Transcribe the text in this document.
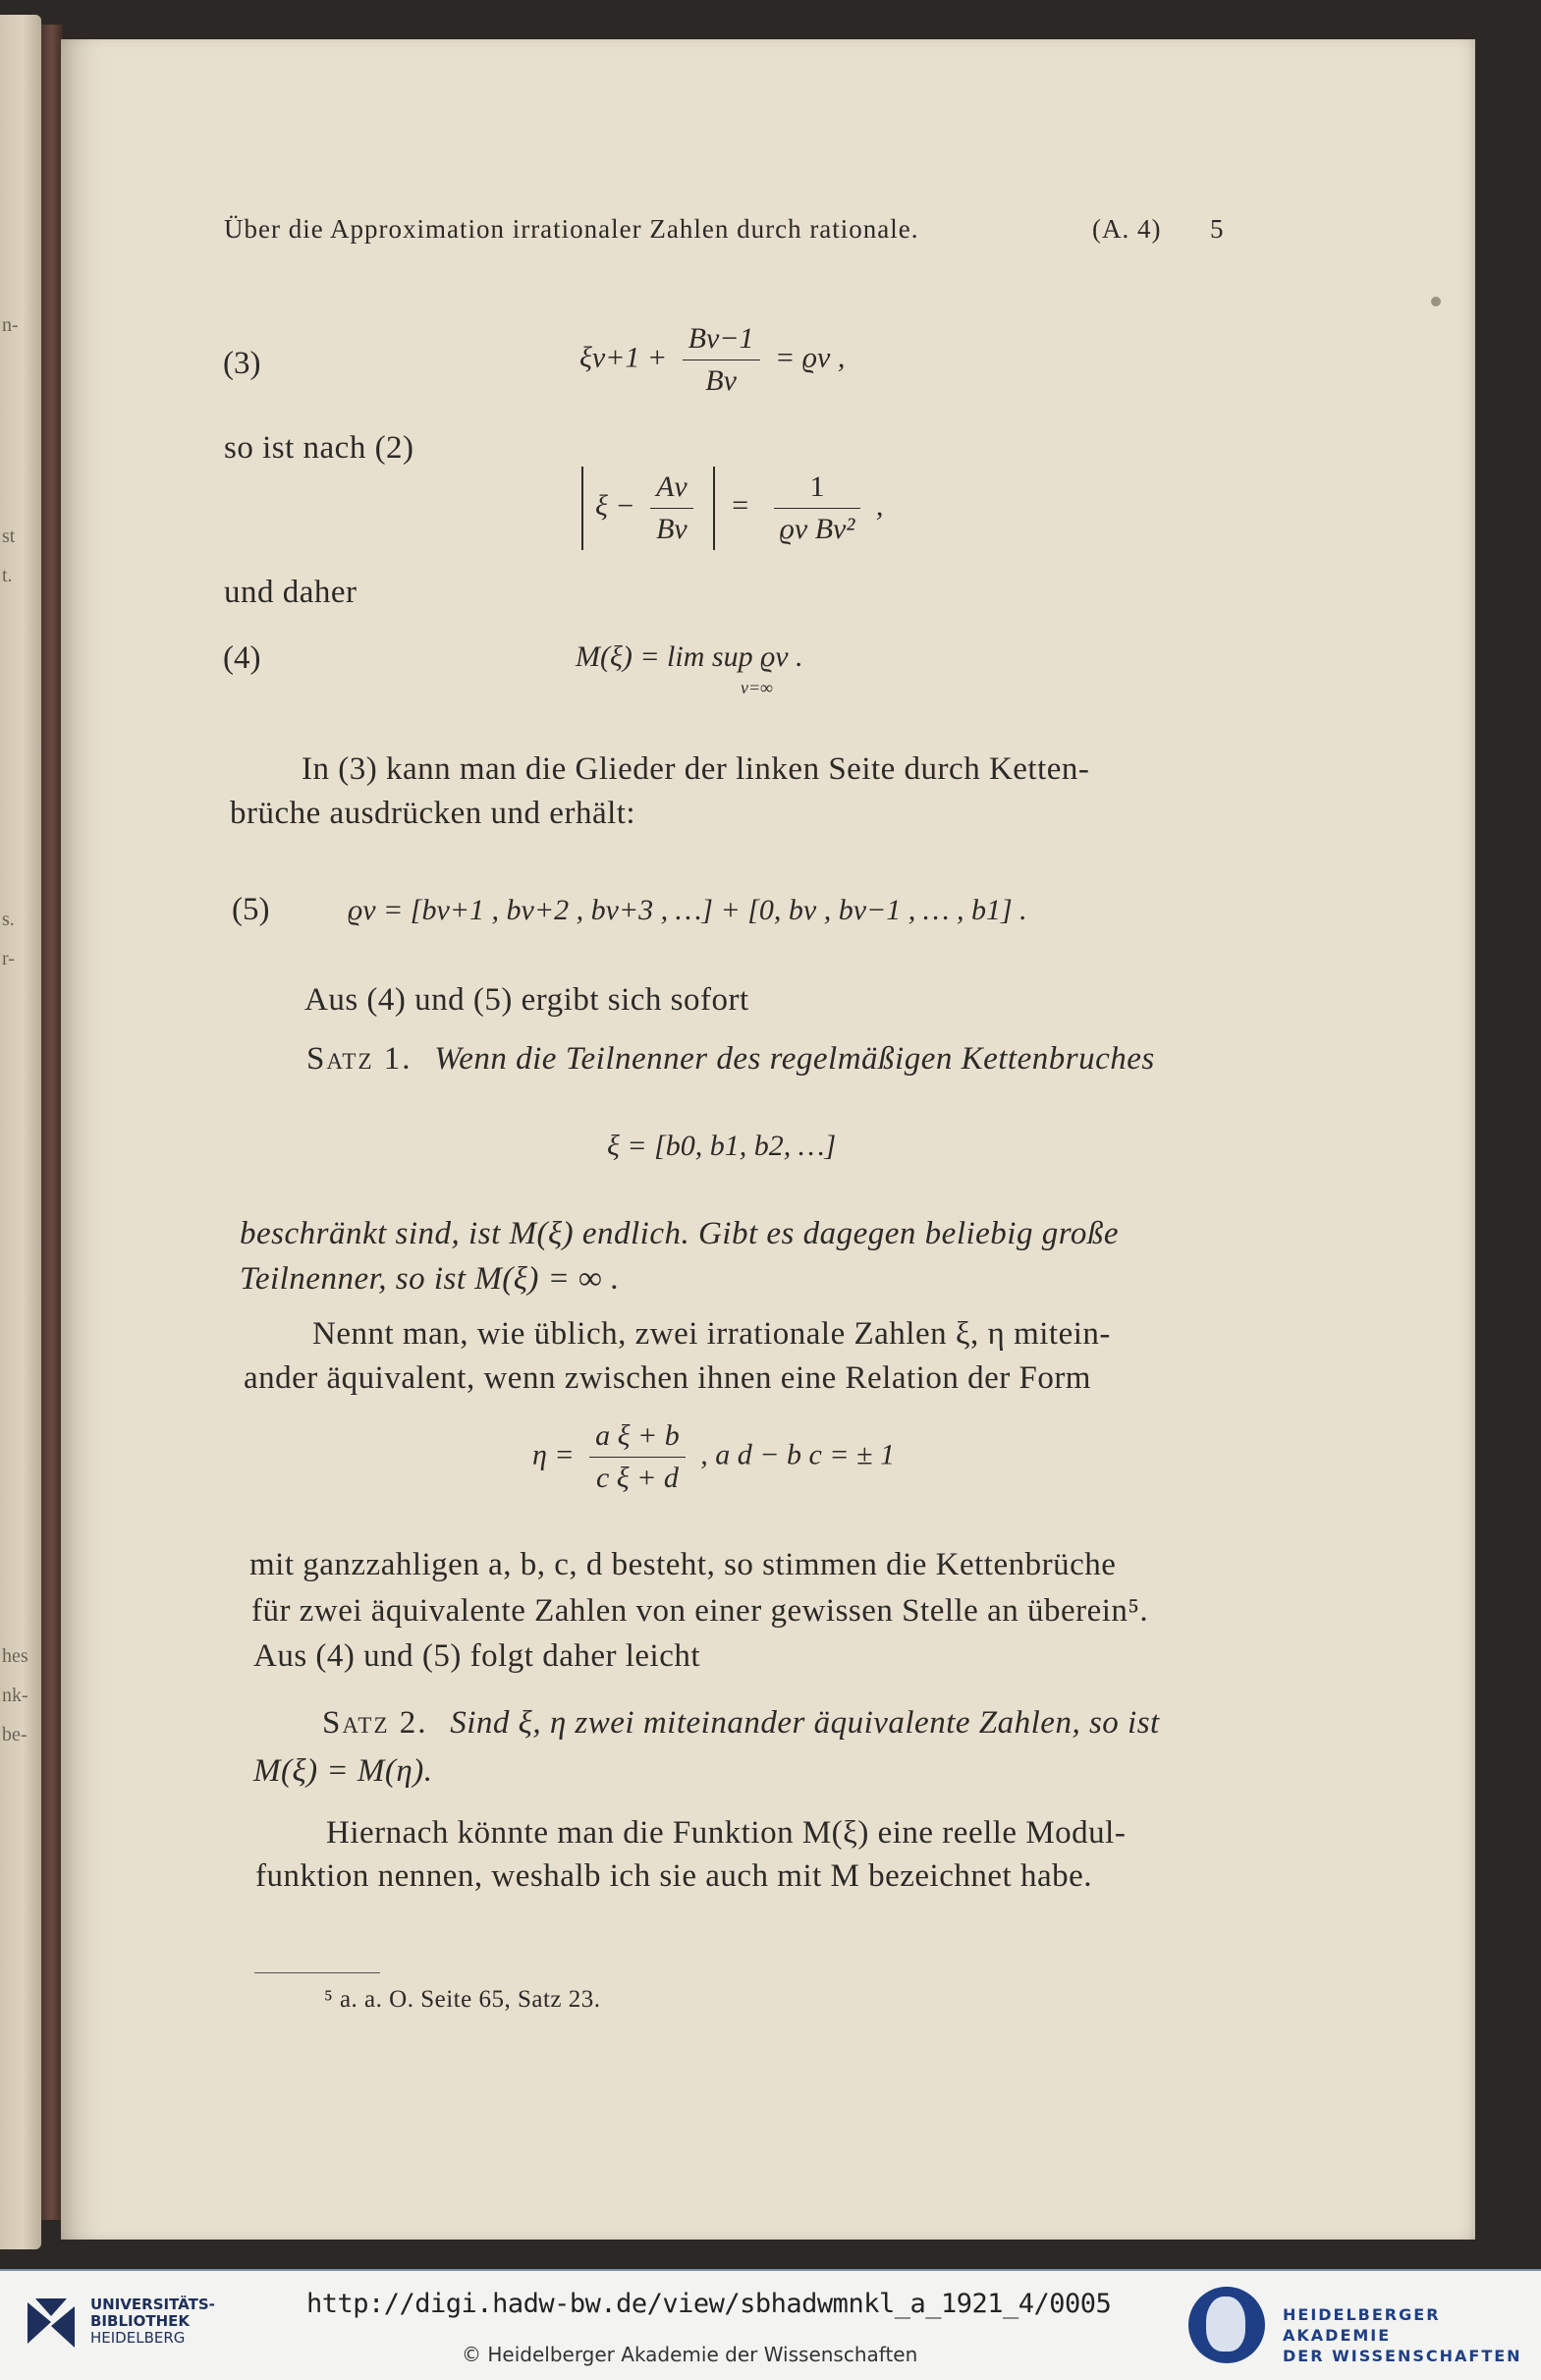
n-
st
t.
s.
r-
hes
nk-
be-
Über die Approximation irrationaler Zahlen durch rationale.	(A. 4) 5
(3)	$\xi\nu+1 + \frac{B\nu-1}{B\nu} = ϱ\nu$ ,
so ist nach (2)
$\xi - \frac{A\nu}{B\nu} = \frac{1}{\text{ϱν Bν²}}$ ,
und daher
(4)	M(ξ) = lim sup ϱν .
ν=∞
In (3) kann man die Glieder der linken Seite durch Ketten-
brüche ausdrücken und erhält:
(5)	ϱν = [bν+1 , bν+2 , bν+3 , …] + [0, bν , bν−1 , … , b1] .
Aus (4) und (5) ergibt sich sofort
Satz 1. Wenn die Teilnenner des regelmäßigen Kettenbruches
ξ = [b0, b1, b2, …]
beschränkt sind, ist M(ξ) endlich. Gibt es dagegen beliebig große
Teilnenner, so ist M(ξ) = ∞ .
Nennt man, wie üblich, zwei irrationale Zahlen ξ, η mitein-
ander äquivalent, wenn zwischen ihnen eine Relation der Form
$\eta = \frac{\text{a ξ + b}}{\text{c ξ + d}}$ , a d − b c = ± 1
mit ganzzahligen a, b, c, d besteht, so stimmen die Kettenbrüche
für zwei äquivalente Zahlen von einer gewissen Stelle an überein⁵.
Aus (4) und (5) folgt daher leicht
Satz 2. Sind ξ, η zwei miteinander äquivalente Zahlen, so ist
M(ξ) = M(η).
Hiernach könnte man die Funktion M(ξ) eine reelle Modul-
funktion nennen, weshalb ich sie auch mit M bezeichnet habe.
⁵ a. a. O. Seite 65, Satz 23.
UNIVERSITÄTS-
BIBLIOTHEK
HEIDELBERG
http://digi.hadw-bw.de/view/sbhadwmnkl_a_1921_4/0005
© Heidelberger Akademie der Wissenschaften
HEIDELBERGER AKADEMIE
DER WISSENSCHAFTEN
